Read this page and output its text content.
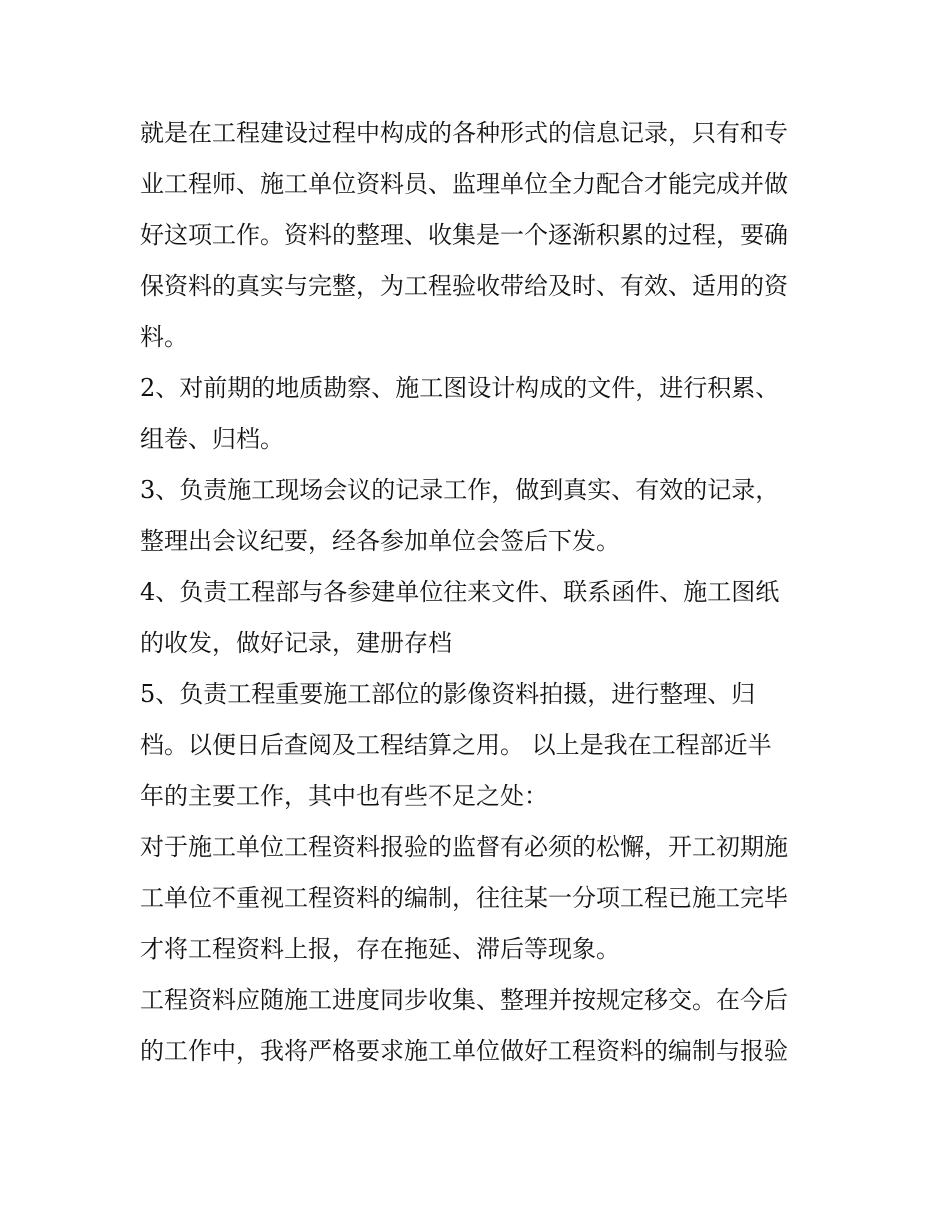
就是在工程建设过程中构成的各种形式的信息记录，只有和专
业工程师、施工单位资料员、监理单位全力配合才能完成并做
好这项工作。资料的整理、收集是一个逐渐积累的过程，要确
保资料的真实与完整，为工程验收带给及时、有效、适用的资
料。
2、对前期的地质勘察、施工图设计构成的文件，进行积累、
组卷、归档。
3、负责施工现场会议的记录工作，做到真实、有效的记录，
整理出会议纪要，经各参加单位会签后下发。
4、负责工程部与各参建单位往来文件、联系函件、施工图纸
的收发，做好记录，建册存档
5、负责工程重要施工部位的影像资料拍摄，进行整理、归
档。以便日后查阅及工程结算之用。 以上是我在工程部近半
年的主要工作，其中也有些不足之处：
对于施工单位工程资料报验的监督有必须的松懈，开工初期施
工单位不重视工程资料的编制，往往某一分项工程已施工完毕
才将工程资料上报，存在拖延、滞后等现象。
工程资料应随施工进度同步收集、整理并按规定移交。在今后
的工作中，我将严格要求施工单位做好工程资料的编制与报验
